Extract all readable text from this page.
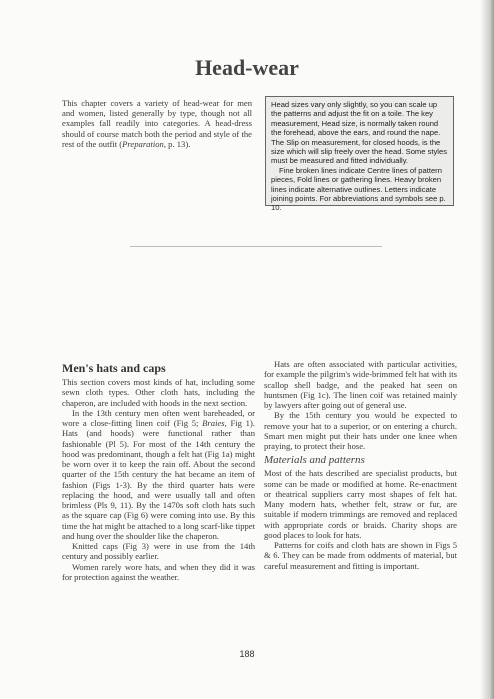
Head-wear
This chapter covers a variety of head-wear for men and women, listed generally by type, though not all examples fall readily into categories. A head-dress should of course match both the period and style of the rest of the outfit (Preparation, p. 13).

Head sizes vary only slightly, so you can scale up the patterns and adjust the fit on a toile. The key measurement, Head size, is normally taken round the forehead, above the ears, and round the nape. The Slip on measurement, for closed hoods, is the size which will slip freely over the head. Some styles must be measured and fitted individually.

Fine broken lines indicate Centre lines of pattern pieces, Fold lines or gathering lines. Heavy broken lines indicate alternative outlines. Letters indicate joining points. For abbreviations and symbols see p. 10.

Men's hats and caps

This section covers most kinds of hat, including some sewn cloth types. Other cloth hats, including the chaperon, are included with hoods in the next section.

In the 13th century men often went bareheaded, or wore a close-fitting linen coif (Fig 5; Braies, Fig 1). Hats (and hoods) were functional rather than fashionable (Pl 5). For most of the 14th century the hood was predominant, though a felt hat (Fig 1a) might be worn over it to keep the rain off. About the second quarter of the 15th century the hat became an item of fashion (Figs 1-3). By the third quarter hats were replacing the hood, and were usually tall and often brimless (Pls 9, 11). By the 1470s soft cloth hats such as the square cap (Fig 6) were coming into use. By this time the hat might be attached to a long scarf-like tippet and hung over the shoulder like the chaperon.

Knitted caps (Fig 3) were in use from the 14th century and possibly earlier.

Women rarely wore hats, and when they did it was for protection against the weather.

Hats are often associated with particular activities, for example the pilgrim's wide-brimmed felt hat with its scallop shell badge, and the peaked hat seen on huntsmen (Fig 1c). The linen coif was retained mainly by lawyers after going out of general use.

By the 15th century you would be expected to remove your hat to a superior, or on entering a church. Smart men might put their hats under one knee when praying, to protect their hose.

Materials and patterns

Most of the hats described are specialist products, but some can be made or modified at home. Re-enactment or theatrical suppliers carry most shapes of felt hat. Many modern hats, whether felt, straw or fur, are suitable if modern trimmings are removed and replaced with appropriate cords or braids. Charity shops are good places to look for hats.

Patterns for coifs and cloth hats are shown in Figs 5 & 6. They can be made from oddments of material, but careful measurement and fitting is important.

188
